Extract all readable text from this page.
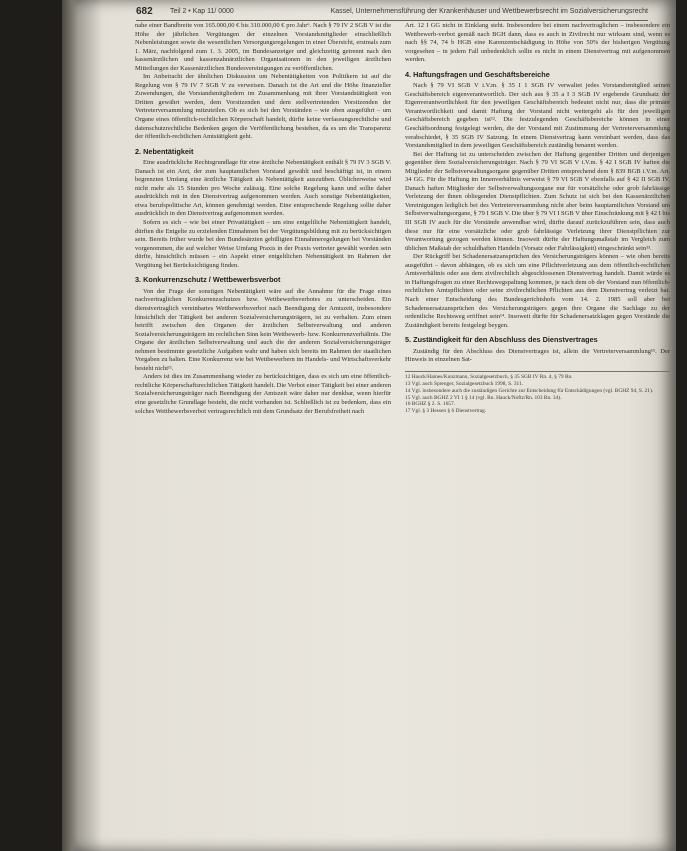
682 Teil 2 • Kap 11/ 0000	Kassel, Unternehmensführung der Krankenhäuser und Wettbewerbsrecht im Sozialversicherungsrecht

nahe einer Bandbreite von 165.000,00 € bis 310.000,00 € pro Jahr⁶. Nach § 79 IV 2 SGB V ist die Höhe der jährlichen Vergütungen der einzelnen Vorstandsmitglieder einschließlich Nebenleistungen sowie die wesentlichen Versorgungsregelungen in einer Übersicht, erstmals zum 1. März, nachfolgend zum 1. 3. 2005, im Bundesanzeiger und gleichzeitig getrennt nach den kassenärztlichen und kassenzahnärztlichen Organisationen in den jeweiligen ärztlichen Mitteilungen der Kassenärztlichen Bundesvereinigungen zu veröffentlichen.

Im Anbetracht der ähnlichen Diskussion um Nebentätigkeiten von Politikern ist auf die Regelung von § 79 IV 7 SGB V zu verweisen. Danach ist die Art und die Höhe finanzieller Zuwendungen, die Vorstandsmitgliedern im Zusammenhang mit ihrer Vorstandstätigkeit von Dritten gewährt werden, dem Vorsitzenden und dem stellvertretenden Vorsitzenden der Vertreterversammlung mitzuteilen. Ob es sich bei den Vorständen – wie oben ausgeführt – um Organe eines öffentlich-rechtlichen Körperschaft handelt, dürfte keine verfassungsrechtliche und datenschutzrechtliche Bedenken gegen die Veröffentlichung bestehen, da es um die Transparenz der öffentlich-rechtlichen Amtstätigkeit geht.

2. Nebentätigkeit

Eine ausdrückliche Rechtsgrundlage für eine ärztliche Nebentätigkeit enthält § 79 IV 3 SGB V. Danach ist ein Arzt, der zum hauptamtlichen Vorstand gewählt und beschäftigt ist, in einem begrenzten Umfang eine ärztliche Tätigkeit als Nebentätigkeit auszuüben. Üblicherweise wird nicht mehr als 15 Stunden pro Woche zulässig. Eine solche Regelung kann und sollte daher ausdrücklich mit in den Dienstvertrag aufgenommen werden. Auch sonstige Nebentätigkeiten, etwa berufspolitische Art, können genehmigt werden. Eine entsprechende Regelung sollte daher ausdrücklich in den Dienstvertrag aufgenommen werden.

Sofern es sich – wie bei einer Privattätigkeit – um eine entgeltliche Nebentätigkeit handelt, dürften die Entgelte zu erzielenden Einnahmen bei der Vergütungsbildung mit zu berücksichtigen sein. Bereits früher wurde bei den Bundesärzten gebilligten Einnahmeregelungen bei Vorständen vorgenommen, die auf welcher Weise Umfang Praxis in der Praxis vertreter gewählt worden sein dürfte, hinsichtlich müssen – ein Aspekt einer entgeltlichen Nebentätigkeit im Rahmen der Vergütung bei Berücksichtigung finden.

3. Konkurrenzschutz / Wettbewerbsverbot

Von der Frage der sonstigen Nebentätigkeit wäre auf die Annahme für die Frage eines nachvertraglichen Konkurrenzschutzes bzw. Wettbewerbsverbotes zu unterscheiden. Ein dienstvertraglich vereinbartes Wettbewerbsverbot nach Beendigung der Amtszeit, insbesondere hinsichtlich der Tätigkeit bei anderen Sozialversicherungsträgern, ist zu verhalten. Zum einen betrifft zwischen den Organen der ärztlichen Selbstverwaltung und anderen Sozialversicherungsträgern im rechtlichen Sinn kein Wettbewerb- bzw. Konkurrenzverhältnis. Die Organe der ärztlichen Selbstverwaltung und auch die der anderen Sozialversicherungsträger nehmen bestimmte gesetzliche Aufgaben wahr und haben sich bereits im Rahmen der staatlichen Vorgaben zu halten. Eine Konkurrenz wie bei Wettbewerbern im Handels- und Wirtschaftsverkehr besteht nicht¹¹.

Anders ist dies im Zusammenhang wieder zu berücksichtigen, dass es sich um eine öffentlich-rechtliche Körperschaftsrechtlichen Tätigkeit handelt. Die Verbot einer Tätigkeit bei einer anderen Sozialversicherungsträger nach Beendigung der Amtszeit wäre daher nur denkbar, wenn hierfür eine gesetzliche Grundlage besteht, die nicht vorhanden ist. Schließlich ist zu bedenken, dass ein solches Wettbewerbsverbot vertragsrechtlich mit dem Grundsatz der Berufsfreiheit nach

Art. 12 I GG nicht in Einklang steht. Insbesondere bei einem nachvertraglichen – insbesondere ein Wettbewerb-verbot gemäß nach BGH dann, dass es auch in Zivilrecht nur wirksam sind, wenn es nach §§ 74, 74 b HGB eine Karenzentschädigung in Höhe von 50% der bisherigen Vergütung vorgesehen – in jedem Fall unbedenklich sollte es nicht in einem Dienstvertrag mit aufgenommen werden.

4. Haftungsfragen und Geschäftsbereiche

Nach § 79 VI SGB V i.V.m. § 35 I 1 SGB IV verwaltet jedes Vorstandsmitglied seinen Geschäftsbereich eigenverantwortlich. Der sich aus § 35 a I 3 SGB IV ergebende Grundsatz der Eigenverantwortlichkeit für den jeweiligen Geschäftsbereich bedeutet nicht nur, dass die primäre Verantwortlichkeit und damit Haftung der Vorstand nicht weitergeht als für den jeweiligen Geschäftsbereich gegeben ist¹². Die festzulegenden Geschäftsbereiche können in einer Geschäftsordnung festgelegt werden, die der Vorstand mit Zustimmung der Vertreterversammlung verabschiedet, § 35 SGB IV Satzung. In einem Dienstvertrag kann vereinbart werden, dass das Vorstandsmitglied in dem jeweiligen Geschäftsbereich zuständig benannt werden.

Bei der Haftung ist zu unterscheiden zwischen der Haftung gegenüber Dritten und derjenigen gegenüber dem Sozialversicherungsträger. Nach § 79 VI SGB V i.V.m. § 42 I SGB IV haften die Mitglieder der Selbstverwaltungsorgane gegenüber Dritten entsprechend dem § 839 BGB i.V.m. Art. 34 GG. Für die Haftung im Innenverhältnis verweist § 79 VI SGB V ebenfalls auf § 42 II SGB IV. Danach haften Mitglieder der Selbstverwaltungsorgane nur für vorsätzliche oder grob fahrlässige Verletzung der ihnen obliegenden Dienstpflichten. Zum Schutz ist sich bei den Kassenärztlichen Vereinigungen lediglich bei des Vertreterversammlung nicht aber beim hauptamtlichen Vorstand um Selbstverwaltungsorgane, § 79 I SGB V. Die über § 79 VI I SGB V über Einschränkung mit § 42 I bis III SGB IV auch für die Vorstände anwendbar wird, dürfte darauf zurückzuführen sein, dass auch diese nur für eine vorsätzliche oder grob fahrlässige Verletzung ihrer Dienstpflichten zur Verantwortung gezogen werden können. Insoweit dürfte der Haftungsmaßstab im Vergleich zum üblichen Maßstab der schuldhaften Handeln (Vorsatz oder Fahrlässigkeit) eingeschränkt sein¹³.

Der Rückgriff bei Schadenersatzansprüchen des Versicherungsträgers können – wie oben bereits ausgeführt – davon abhängen, ob es sich um eine Pflichtverletzung aus dem öffentlich-rechtlichen Amtsverhältnis oder aus dem zivilrechtlich abgeschlossenen Dienstvertrag handelt. Damit würde es in Haftungsfragen zu einer Rechtswegspaltung kommen, je nach dem ob der Vorstand nun öffentlich-rechtlichen Amtspflichten oder seine zivilrechtlichen Pflichten aus dem Dienstvertrag verletzt hat. Nach einer Entscheidung des Bundesgerichtshofs vom 14. 2. 1985 soll aber bei Schadensersatzansprüchen des Versicherungsträgers gegen ihre Organe die Sachlage zu der ordentliche Rechtsweg eröffnet sein¹⁴. Insoweit dürfte für Schadenersatzklagen gegen Vorstände die Zuständigkeit bereits festgelegt beygen.

5. Zuständigkeit für den Abschluss des Dienstvertrages

Zuständig für den Abschluss des Dienstvertrages ist, allein die Vertreterversammlung¹⁵. Der Hinweis in einzelnen Sat-

12 Hauck/Haines/Kunzmann, Sozialgesetzbuch, § 35 SGB IV Rn. 4, § 79 Rn.
13 Vgl. auch Sprenger, Sozialgesetzbuch 1998, S. 311.
14 Vgl. insbesondere auch die zuständigen Gerichte zur Entscheidung für Entschädigungen (vgl. BGHZ 94, S. 21).
15 Vgl. auch BGHZ 2 VI 1 § 14 (vgl. Rn. Hauck/Noftz/Rn. 103 Rn. 34).
16 BGHZ § 2. S. 1657.
17 Vgl. § 3 Hessen § 6 Dienstvertrag.
